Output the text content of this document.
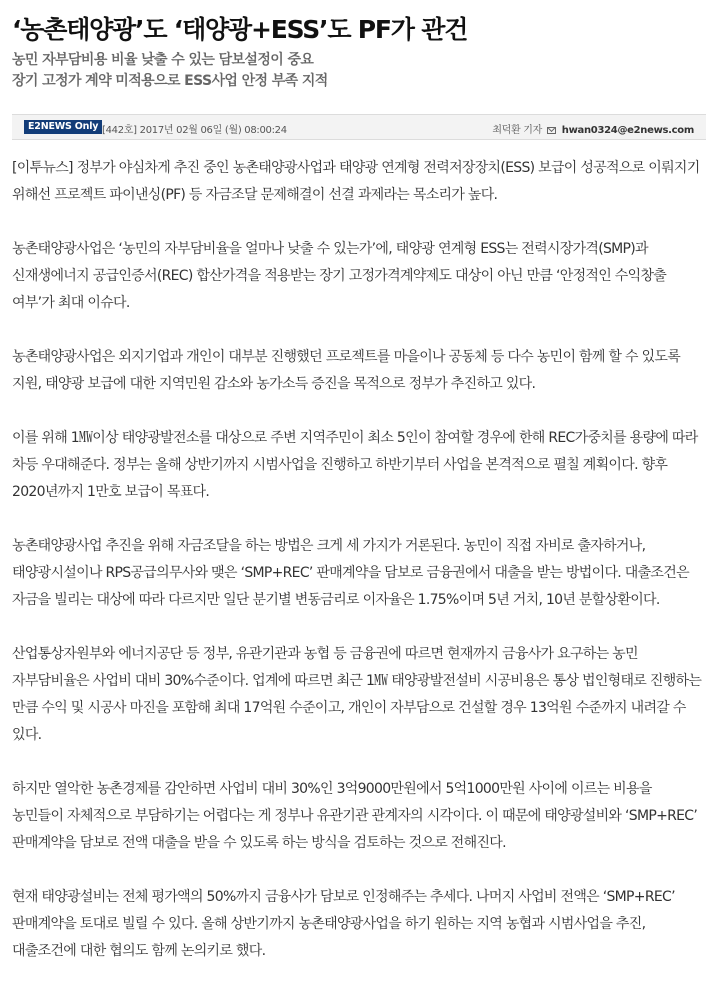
‘농촌태양광’도 ‘태양광+ESS’도 PF가 관건
농민 자부담비용 비율 낮출 수 있는 담보설정이 중요
장기 고정가 계약 미적용으로 ESS사업 안정 부족 지적
E2NEWS Only [442호] 2017년 02월 06일 (월) 08:00:24	최덕환 기자 hwan0324@e2news.com

[이투뉴스] 정부가 야심차게 추진 중인 농촌태양광사업과 태양광 연계형 전력저장장치(ESS) 보급이 성공적으로 이뤄지기 위해선 프로젝트 파이낸싱(PF) 등 자금조달 문제해결이 선결 과제라는 목소리가 높다.

농촌태양광사업은 ‘농민의 자부담비율을 얼마나 낮출 수 있는가’에, 태양광 연계형 ESS는 전력시장가격(SMP)과 신재생에너지 공급인증서(REC) 합산가격을 적용받는 장기 고정가격계약제도 대상이 아닌 만큼 ‘안정적인 수익창출 여부’가 최대 이슈다.

농촌태양광사업은 외지기업과 개인이 대부분 진행했던 프로젝트를 마을이나 공동체 등 다수 농민이 함께 할 수 있도록 지원, 태양광 보급에 대한 지역민원 감소와 농가소득 증진을 목적으로 정부가 추진하고 있다.

이를 위해 1㎿이상 태양광발전소를 대상으로 주변 지역주민이 최소 5인이 참여할 경우에 한해 REC가중치를 용량에 따라 차등 우대해준다. 정부는 올해 상반기까지 시범사업을 진행하고 하반기부터 사업을 본격적으로 펼칠 계획이다. 향후 2020년까지 1만호 보급이 목표다.

농촌태양광사업 추진을 위해 자금조달을 하는 방법은 크게 세 가지가 거론된다. 농민이 직접 자비로 출자하거나, 태양광시설이나 RPS공급의무사와 맺은 ‘SMP+REC’ 판매계약을 담보로 금융권에서 대출을 받는 방법이다. 대출조건은 자금을 빌리는 대상에 따라 다르지만 일단 분기별 변동금리로 이자율은 1.75%이며 5년 거치, 10년 분할상환이다.

산업통상자원부와 에너지공단 등 정부, 유관기관과 농협 등 금융권에 따르면 현재까지 금융사가 요구하는 농민 자부담비율은 사업비 대비 30%수준이다. 업계에 따르면 최근 1㎿ 태양광발전설비 시공비용은 통상 법인형태로 진행하는 만큼 수익 및 시공사 마진을 포함해 최대 17억원 수준이고, 개인이 자부담으로 건설할 경우 13억원 수준까지 내려갈 수 있다.

하지만 열악한 농촌경제를 감안하면 사업비 대비 30%인 3억9000만원에서 5억1000만원 사이에 이르는 비용을 농민들이 자체적으로 부담하기는 어렵다는 게 정부나 유관기관 관계자의 시각이다. 이 때문에 태양광설비와 ‘SMP+REC’ 판매계약을 담보로 전액 대출을 받을 수 있도록 하는 방식을 검토하는 것으로 전해진다.

현재 태양광설비는 전체 평가액의 50%까지 금융사가 담보로 인정해주는 추세다. 나머지 사업비 전액은 ‘SMP+REC’ 판매계약을 토대로 빌릴 수 있다. 올해 상반기까지 농촌태양광사업을 하기 원하는 지역 농협과 시범사업을 추진, 대출조건에 대한 협의도 함께 논의키로 했다.
